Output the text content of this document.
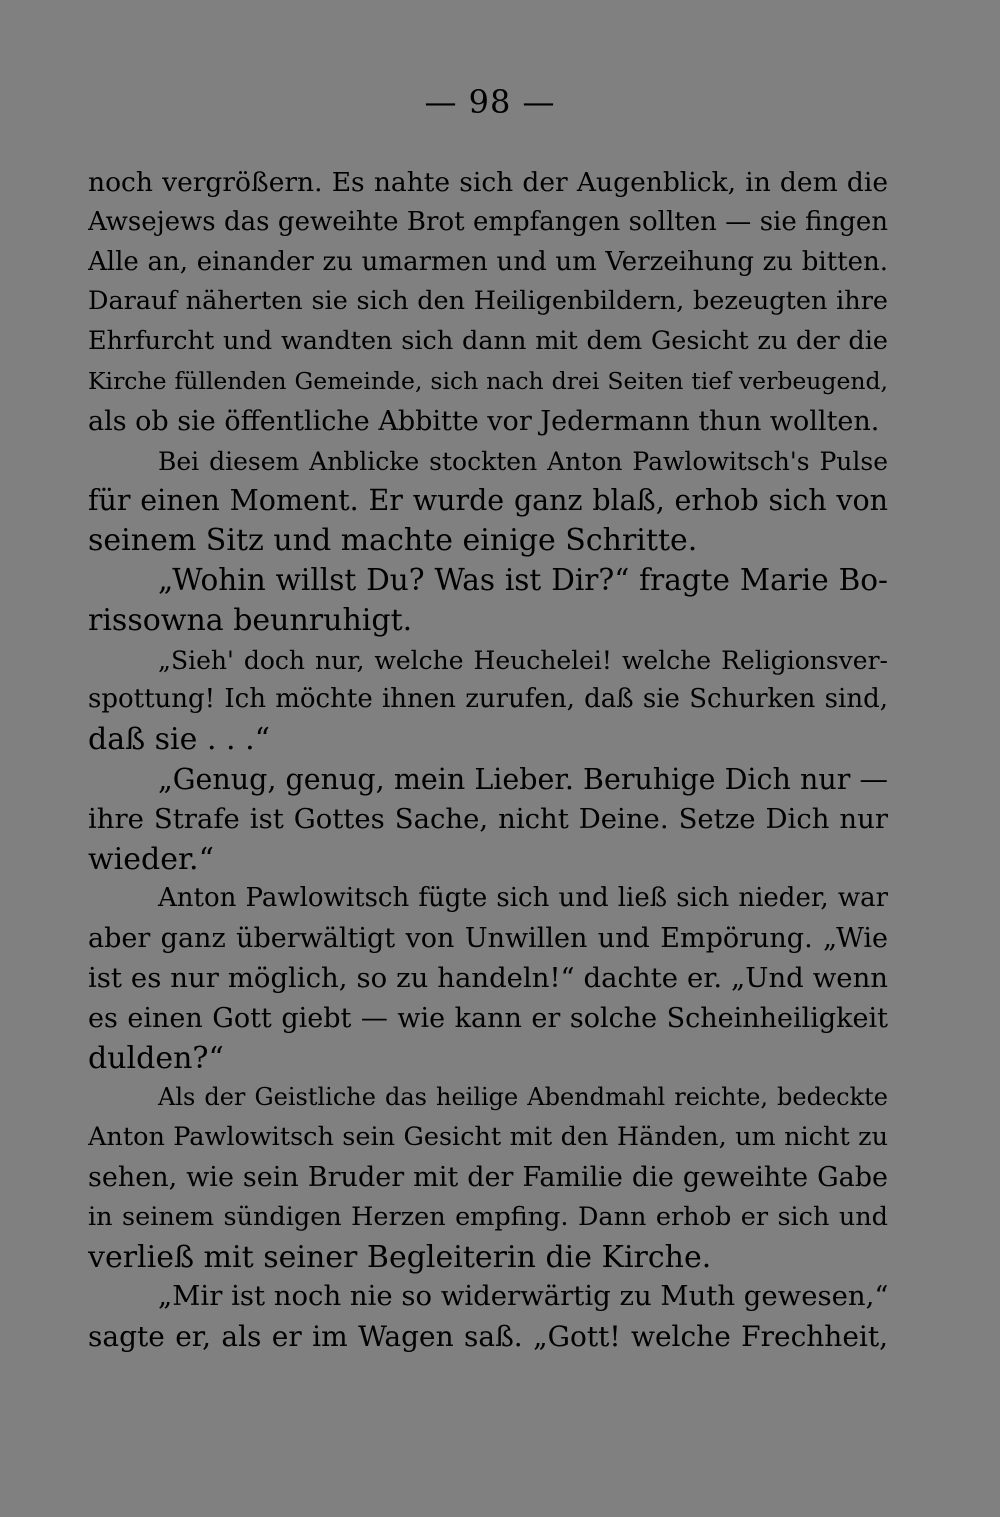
— 98 —
noch vergrößern. Es nahte sich der Augenblick, in dem die
Awsejews das geweihte Brot empfangen sollten — sie fingen
Alle an, einander zu umarmen und um Verzeihung zu bitten.
Darauf näherten sie sich den Heiligenbildern, bezeugten ihre
Ehrfurcht und wandten sich dann mit dem Gesicht zu der die
Kirche füllenden Gemeinde, sich nach drei Seiten tief verbeugend,
als ob sie öffentliche Abbitte vor Jedermann thun wollten.
Bei diesem Anblicke stockten Anton Pawlowitsch's Pulse
für einen Moment. Er wurde ganz blaß, erhob sich von
seinem Sitz und machte einige Schritte.
„Wohin willst Du? Was ist Dir?“ fragte Marie Bo-
rissowna beunruhigt.
„Sieh' doch nur, welche Heuchelei! welche Religionsver-
spottung! Ich möchte ihnen zurufen, daß sie Schurken sind,
daß sie . . .“
„Genug, genug, mein Lieber. Beruhige Dich nur —
ihre Strafe ist Gottes Sache, nicht Deine. Setze Dich nur
wieder.“
Anton Pawlowitsch fügte sich und ließ sich nieder, war
aber ganz überwältigt von Unwillen und Empörung. „Wie
ist es nur möglich, so zu handeln!“ dachte er. „Und wenn
es einen Gott giebt — wie kann er solche Scheinheiligkeit
dulden?“
Als der Geistliche das heilige Abendmahl reichte, bedeckte
Anton Pawlowitsch sein Gesicht mit den Händen, um nicht zu
sehen, wie sein Bruder mit der Familie die geweihte Gabe
in seinem sündigen Herzen empfing. Dann erhob er sich und
verließ mit seiner Begleiterin die Kirche.
„Mir ist noch nie so widerwärtig zu Muth gewesen,“
sagte er, als er im Wagen saß. „Gott! welche Frechheit,
